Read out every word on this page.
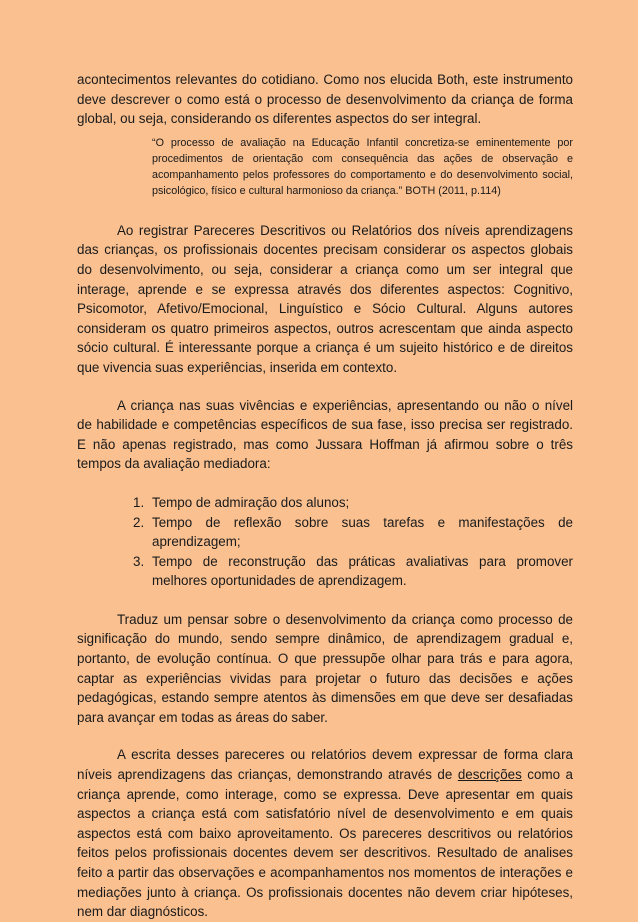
acontecimentos relevantes do cotidiano. Como nos elucida Both, este instrumento deve descrever o como está o processo de desenvolvimento da criança de forma global, ou seja, considerando os diferentes aspectos do ser integral.

“O processo de avaliação na Educação Infantil concretiza-se eminentemente por procedimentos de orientação com consequência das ações de observação e acompanhamento pelos professores do comportamento e do desenvolvimento social, psicológico, físico e cultural harmonioso da criança.” BOTH (2011, p.114)

Ao registrar Pareceres Descritivos ou Relatórios dos níveis aprendizagens das crianças, os profissionais docentes precisam considerar os aspectos globais do desenvolvimento, ou seja, considerar a criança como um ser integral que interage, aprende e se expressa através dos diferentes aspectos: Cognitivo, Psicomotor, Afetivo/Emocional, Linguístico e Sócio Cultural. Alguns autores consideram os quatro primeiros aspectos, outros acrescentam que ainda aspecto sócio cultural. É interessante porque a criança é um sujeito histórico e de direitos que vivencia suas experiências, inserida em contexto.

A criança nas suas vivências e experiências, apresentando ou não o nível de habilidade e competências específicos de sua fase, isso precisa ser registrado. E não apenas registrado, mas como Jussara Hoffman já afirmou sobre o três tempos da avaliação mediadora:

1. Tempo de admiração dos alunos;
2. Tempo de reflexão sobre suas tarefas e manifestações de aprendizagem;
3. Tempo de reconstrução das práticas avaliativas para promover melhores oportunidades de aprendizagem.

Traduz um pensar sobre o desenvolvimento da criança como processo de significação do mundo, sendo sempre dinâmico, de aprendizagem gradual e, portanto, de evolução contínua. O que pressupõe olhar para trás e para agora, captar as experiências vividas para projetar o futuro das decisões e ações pedagógicas, estando sempre atentos às dimensões em que deve ser desafiadas para avançar em todas as áreas do saber.

A escrita desses pareceres ou relatórios devem expressar de forma clara níveis aprendizagens das crianças, demonstrando através de descrições como a criança aprende, como interage, como se expressa. Deve apresentar em quais aspectos a criança está com satisfatório nível de desenvolvimento e em quais aspectos está com baixo aproveitamento. Os pareceres descritivos ou relatórios feitos pelos profissionais docentes devem ser descritivos. Resultado de analises feito a partir das observações e acompanhamentos nos momentos de interações e mediações junto à criança. Os profissionais docentes não devem criar hipóteses, nem dar diagnósticos.
